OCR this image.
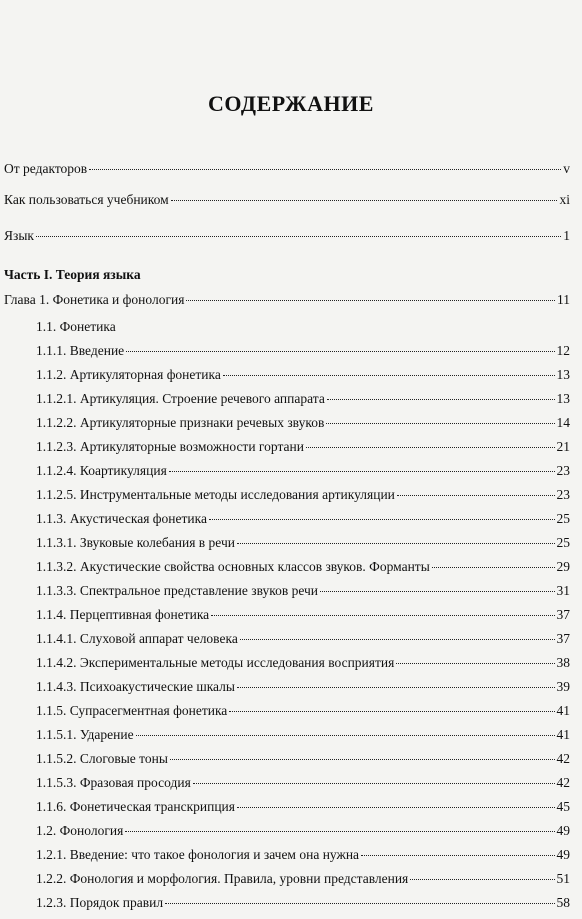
СОДЕРЖАНИЕ
От редакторов	v
Как пользоваться учебником	xi
Язык	1
Часть I. Теория языка
Глава 1. Фонетика и фонология	11
1.1. Фонетика
1.1.1. Введение	12
1.1.2. Артикуляторная фонетика	13
1.1.2.1. Артикуляция. Строение речевого аппарата	13
1.1.2.2. Артикуляторные признаки речевых звуков	14
1.1.2.3. Артикуляторные возможности гортани	21
1.1.2.4. Коартикуляция	23
1.1.2.5. Инструментальные методы исследования артикуляции	23
1.1.3. Акустическая фонетика	25
1.1.3.1. Звуковые колебания в речи	25
1.1.3.2. Акустические свойства основных классов звуков. Форманты	29
1.1.3.3. Спектральное представление звуков речи	31
1.1.4. Перцептивная фонетика	37
1.1.4.1. Слуховой аппарат человека	37
1.1.4.2. Экспериментальные методы исследования восприятия	38
1.1.4.3. Психоакустические шкалы	39
1.1.5. Супрасегментная фонетика	41
1.1.5.1. Ударение	41
1.1.5.2. Слоговые тоны	42
1.1.5.3. Фразовая просодия	42
1.1.6. Фонетическая транскрипция	45
1.2. Фонология	49
1.2.1. Введение: что такое фонология и зачем она нужна	49
1.2.2. Фонология и морфология. Правила, уровни представления	51
1.2.3. Порядок правил	58
